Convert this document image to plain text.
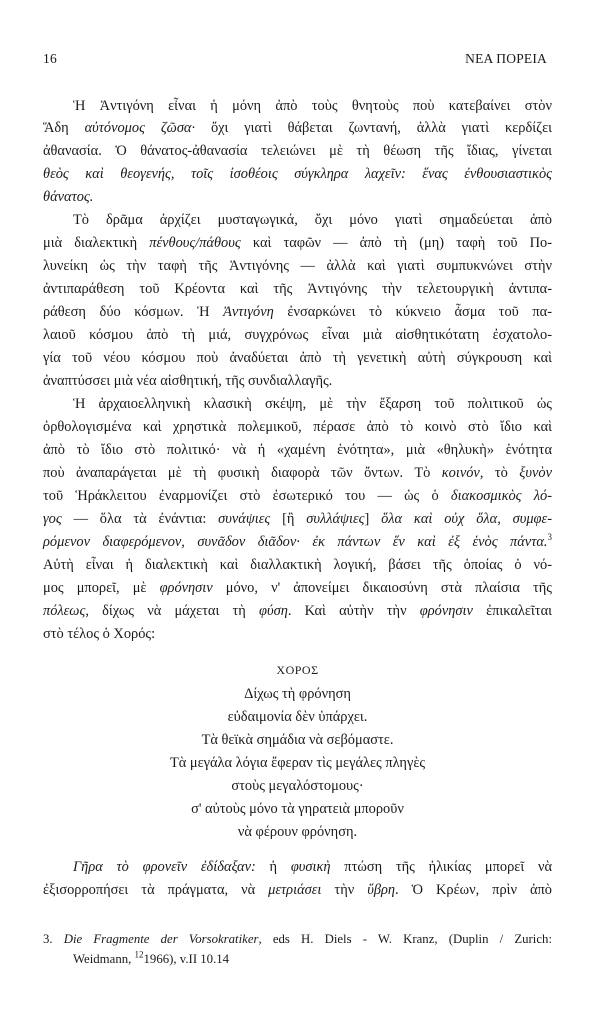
16	ΝΕΑ ΠΟΡΕΙΑ
Ἡ Ἀντιγόνη εἶναι ἡ μόνη ἀπὸ τοὺς θνητοὺς ποὺ κατεβαίνει στὸν
Ἅδη αὐτόνομος ζῶσα· ὄχι γιατὶ θάβεται ζωντανή, ἀλλὰ γιατὶ κερδίζει
ἀθανασία. Ὁ θάνατος-ἀθανασία τελειώνει μὲ τὴ θέωση τῆς ἴδιας, γίνεται
θεὸς καὶ θεογενής, τοῖς ἰσοθέοις σύγκληρα λαχεῖν: ἕνας ἐνθουσιαστικὸς
θάνατος.
Τὸ δρᾶμα ἀρχίζει μυσταγωγικά, ὄχι μόνο γιατὶ σημαδεύεται ἀπὸ
μιὰ διαλεκτικὴ πένθους/πάθους καὶ ταφῶν — ἀπὸ τὴ (μη) ταφὴ τοῦ Πο-
λυνείκη ὡς τὴν ταφὴ τῆς Ἀντιγόνης — ἀλλὰ καὶ γιατὶ συμπυκνώνει στὴν
ἀντιπαράθεση τοῦ Κρέοντα καὶ τῆς Ἀντιγόνης τὴν τελετουργικὴ ἀντιπα-
ράθεση δύο κόσμων. Ἡ Ἀντιγόνη ἐνσαρκώνει τὸ κύκνειο ἆσμα τοῦ πα-
λαιοῦ κόσμου ἀπὸ τὴ μιά, συγχρόνως εἶναι μιὰ αἰσθητικότατη ἐσχατολο-
γία τοῦ νέου κόσμου ποὺ ἀναδύεται ἀπὸ τὴ γενετικὴ αὐτὴ σύγκρουση καὶ
ἀναπτύσσει μιὰ νέα αἰσθητική, τῆς συνδιαλλαγῆς.
Ἡ ἀρχαιοελληνικὴ κλασικὴ σκέψη, μὲ τὴν ἔξαρση τοῦ πολιτικοῦ ὡς
ὀρθολογισμένα καὶ χρηστικὰ πολεμικοῦ, πέρασε ἀπὸ τὸ κοινὸ στὸ ἴδιο καὶ
ἀπὸ τὸ ἴδιο στὸ πολιτικό· νὰ ἡ «χαμένη ἑνότητα», μιὰ «θηλυκὴ» ἑνότητα
ποὺ ἀναπαράγεται μὲ τὴ φυσικὴ διαφορὰ τῶν ὄντων. Τὸ κοινόν, τὸ ξυνὸν
τοῦ Ἡράκλειτου ἐναρμονίζει στὸ ἐσωτερικό του — ὡς ὁ διακοσμικὸς λό-
γος — ὅλα τὰ ἐνάντια: συνάψιες [ἢ συλλάψιες] ὅλα καὶ οὐχ ὅλα, συμφε-
ρόμενον διαφερόμενον, συνᾶδον διᾶδον· ἐκ πάντων ἕν καὶ ἐξ ἑνὸς πάντα.$^3$
Αὐτὴ εἶναι ἡ διαλεκτικὴ καὶ διαλλακτικὴ λογική, βάσει τῆς ὁποίας ὁ νό-
μος μπορεῖ, μὲ φρόνησιν μόνο, ν' ἀπονείμει δικαιοσύνη στὰ πλαίσια τῆς
πόλεως, δίχως νὰ μάχεται τὴ φύση. Καὶ αὐτὴν τὴν φρόνησιν ἐπικαλεῖται
στὸ τέλος ὁ Χορός:
ΧΟΡΟΣ
Δίχως τὴ φρόνηση
εὐδαιμονία δὲν ὑπάρχει.
Τὰ θεϊκὰ σημάδια νὰ σεβόμαστε.
Τὰ μεγάλα λόγια ἔφεραν τὶς μεγάλες πληγὲς
στοὺς μεγαλόστομους·
σ' αὐτοὺς μόνο τὰ γηρατειὰ μποροῦν
νὰ φέρουν φρόνηση.
Γῆρα τὸ φρονεῖν ἐδίδαξαν: ἡ φυσικὴ πτώση τῆς ἡλικίας μπορεῖ νὰ
ἐξισορροπήσει τὰ πράγματα, νὰ μετριάσει τὴν ὕβρη. Ὁ Κρέων, πρὶν ἀπὸ
3. Die Fragmente der Vorsokratiker, eds H. Diels - W. Kranz, (Duplin / Zurich:
Weidmann, $^{12}$1966), v.II 10.14
